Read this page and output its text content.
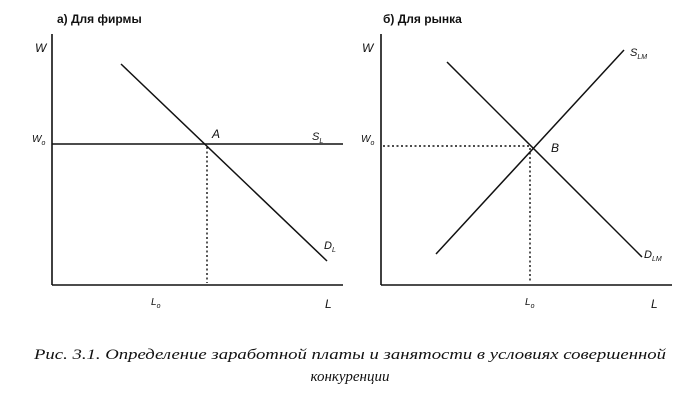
а) Для фирмы
W
L
$W_o$
$L_o$
A	$S_L$
$D_L$
б) Для рынка
W
L
$W_o$
$L_o$
B
$S_{LM}$
$D_{LM}$
Рис. 3.1. Определение заработной платы и занятости в условиях совершенной
конкуренции
